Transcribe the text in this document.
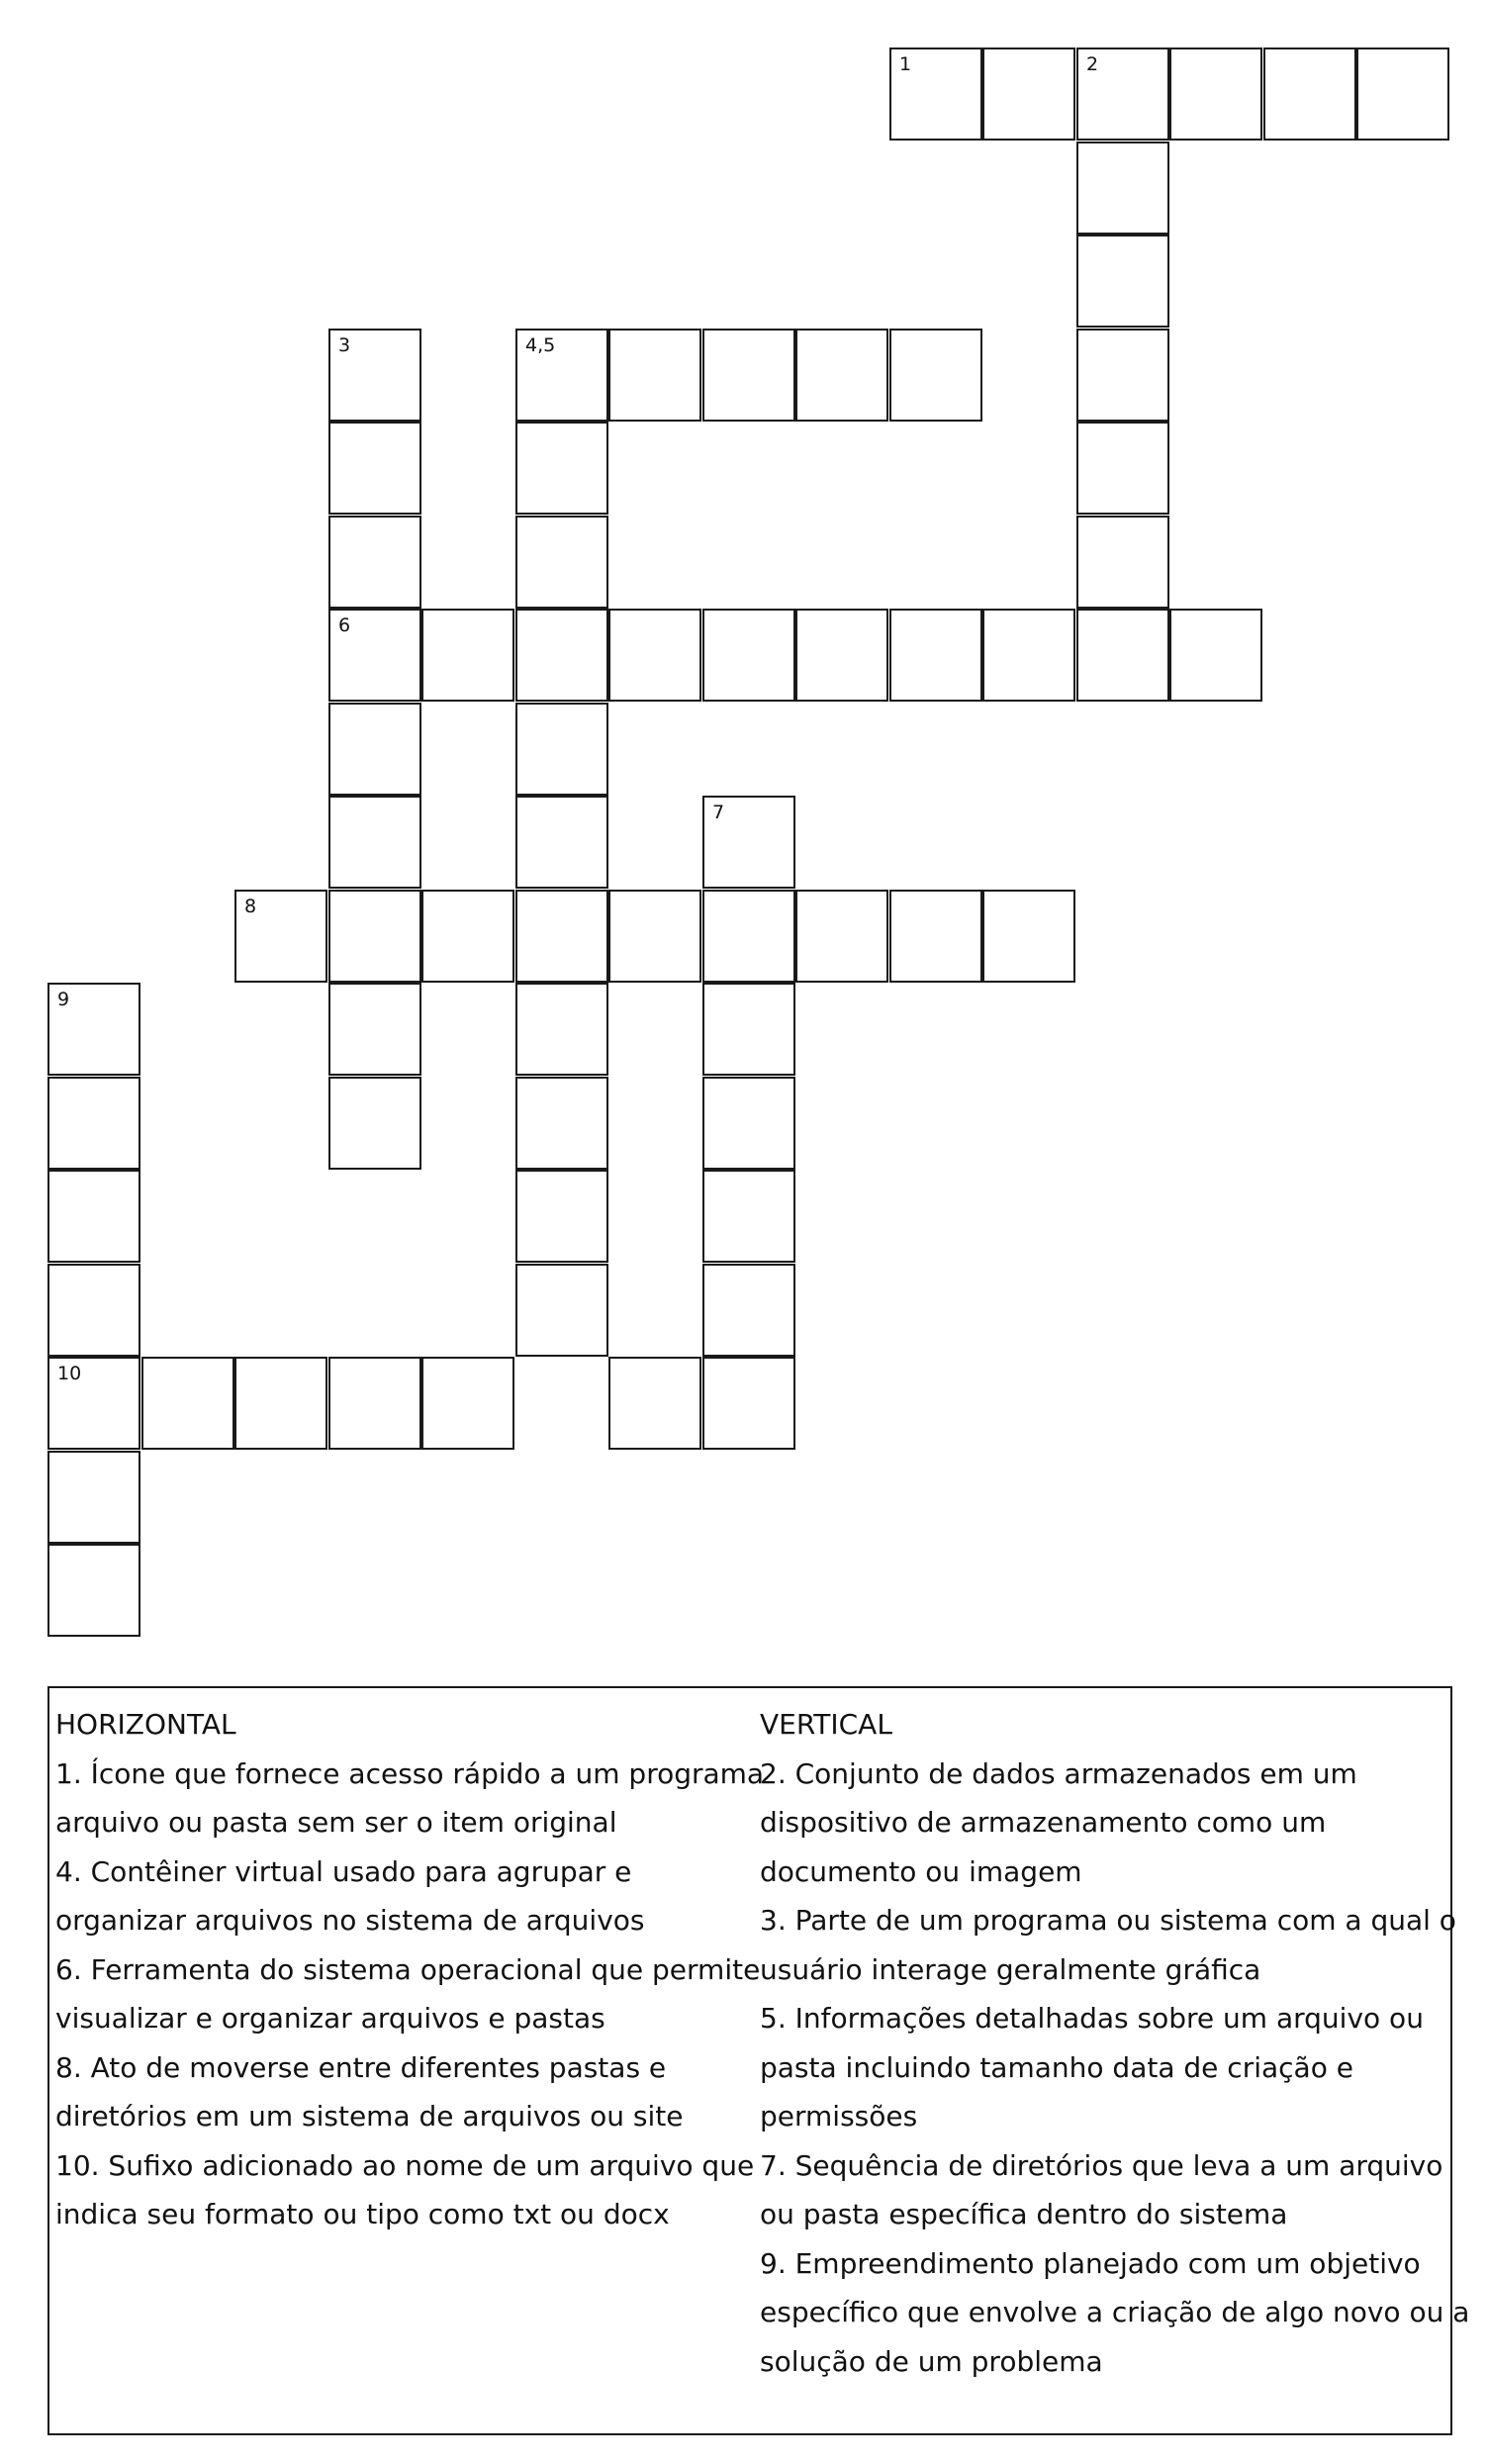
1	2
3
6
4,5
7
8
9
10
HORIZONTAL
1. Ícone que fornece acesso rápido a um programa
arquivo ou pasta sem ser o item original
4. Contêiner virtual usado para agrupar e
organizar arquivos no sistema de arquivos
6. Ferramenta do sistema operacional que permite
visualizar e organizar arquivos e pastas
8. Ato de moverse entre diferentes pastas e
diretórios em um sistema de arquivos ou site
10. Sufixo adicionado ao nome de um arquivo que
indica seu formato ou tipo como txt ou docx
VERTICAL
2. Conjunto de dados armazenados em um
dispositivo de armazenamento como um
documento ou imagem
3. Parte de um programa ou sistema com a qual o
usuário interage geralmente gráfica
5. Informações detalhadas sobre um arquivo ou
pasta incluindo tamanho data de criação e
permissões
7. Sequência de diretórios que leva a um arquivo
ou pasta específica dentro do sistema
9. Empreendimento planejado com um objetivo
específico que envolve a criação de algo novo ou a
solução de um problema
